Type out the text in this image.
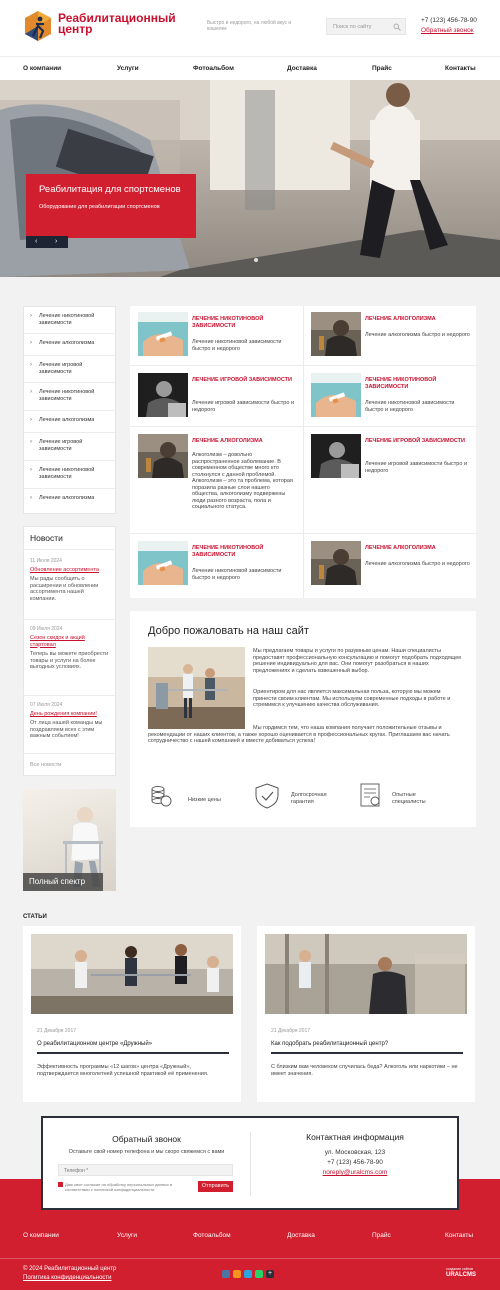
Реабилитационный центр	Быстро и недорого, на любой вкус и кошелек	Поиск по сайту
+7 (123) 456-78-90
Обратный звонок
О компании	Услуги	Фотоальбом	Доставка	Прайс	Контакты
Реабилитация для спортсменов
Оборудование для реабилитации спортсменов
‹	›
› Лечение никотиновой зависимости
› Лечение алкоголизма
› Лечение игровой зависимости
› Лечение никотиновой зависимости
› Лечение алкоголизма
› Лечение игровой зависимости
› Лечение никотиновой зависимости
› Лечение алкоголизма
Новости
11 Июля 2024
Обновление ассортимента
Мы рады сообщить о расширении и обновлении ассортимента нашей компании.
09 Июля 2024
Сезон скидок и акций стартовал
Теперь вы можете приобрести товары и услуги на более выгодных условиях.
07 Июля 2024
День рождения компании!
От лица нашей команды мы поздравляем всех с этим важным событием!
Все новости
Полный спектр
ЛЕЧЕНИЕ НИКОТИНОВОЙ ЗАВИСИМОСТИ
Лечение никотиновой зависимости быстро и недорого
ЛЕЧЕНИЕ АЛКОГОЛИЗМА
Лечение алкоголизма быстро и недорого
ЛЕЧЕНИЕ ИГРОВОЙ ЗАВИСИМОСТИ
Лечение игровой зависимости быстро и недорого
ЛЕЧЕНИЕ НИКОТИНОВОЙ ЗАВИСИМОСТИ
Лечение никотиновой зависимости быстро и недорого
ЛЕЧЕНИЕ АЛКОГОЛИЗМА
Алкоголизм – довольно распространенное заболевание. В современном обществе много кто столкнулся с данной проблемой. Алкоголизм – это та проблема, которая поразила разные слои нашего общества, алкоголизму подвержены люди разного возраста, пола и социального статуса.
ЛЕЧЕНИЕ ИГРОВОЙ ЗАВИСИМОСТИ
Лечение игровой зависимости быстро и недорого
ЛЕЧЕНИЕ НИКОТИНОВОЙ ЗАВИСИМОСТИ
Лечение никотиновой зависимости быстро и недорого
ЛЕЧЕНИЕ АЛКОГОЛИЗМА
Лечение алкоголизма быстро и недорого
Добро пожаловать на наш сайт
Мы предлагаем товары и услуги по разумным ценам. Наши специалисты предоставят профессиональную консультацию и помогут подобрать подходящее решение индивидуально для вас. Они помогут разобраться в наших предложениях и сделать взвешенный выбор.
Ориентиром для нас является максимальная польза, которую мы можем принести своим клиентам. Мы используем современные подходы в работе и стремимся к улучшению качества обслуживания.
Мы гордимся тем, что наша компания получает положительные отзывы и рекомендации от наших клиентов, а также хорошо оценивается в профессиональных кругах. Приглашаем вас начать сотрудничество с нашей компанией и вместе добиваться успеха!
Низкие цены
Долгосрочная гарантия
Опытные специалисты
СТАТЬИ
21 Декабря 2017
О реабилитационном центре «Дружный»
Эффективность программы «12 шагов» центра «Дружный», подтверждается многолетней успешной практикой её применения.
21 Декабря 2017
Как подобрать реабилитационный центр?
С близким вам человеком случилась беда? Алкоголь или наркотики – не имеет значения.
Обратный звонок
Оставьте свой номер телефона и мы скоро свяжемся с вами
Телефон *
Даю свое согласие на обработку персональных данных в соответствии с политикой конфиденциальности
Отправить
Контактная информация
ул. Московская, 123
+7 (123) 456-78-90
noreply@uralcms.com
О компании	Услуги	Фотоальбом	Доставка	Прайс	Контакты
© 2024 Реабилитационный центр
Политика конфиденциальности
+
создание сайтов
URALCMS
